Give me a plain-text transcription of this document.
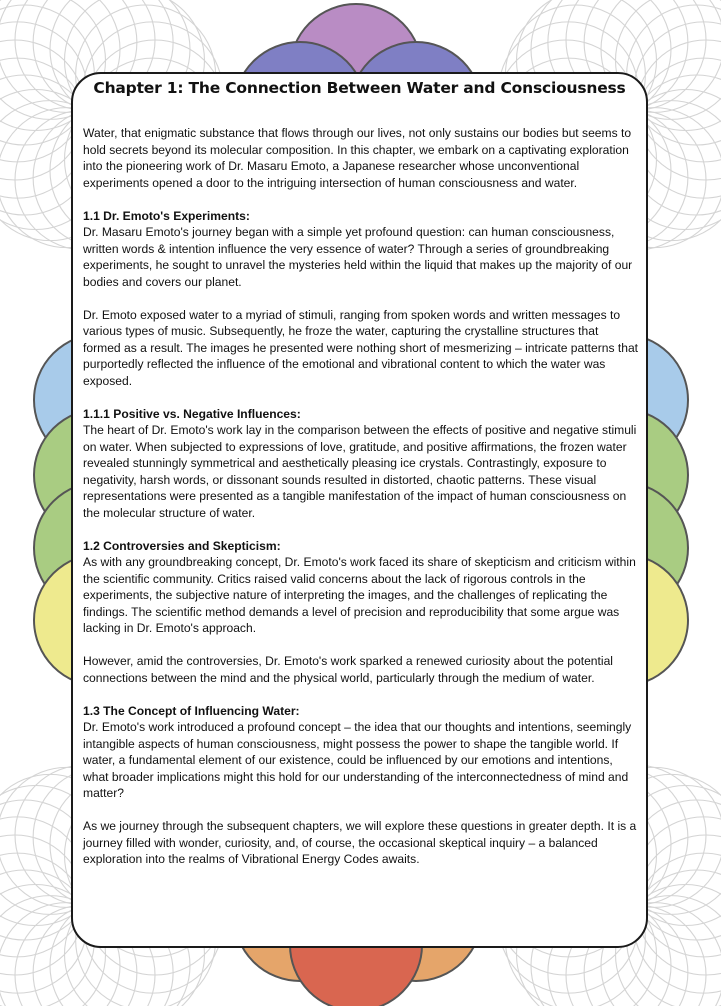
Chapter 1: The Connection Between Water and Consciousness

Water, that enigmatic substance that flows through our lives, not only sustains our bodies but seems to hold secrets beyond its molecular composition. In this chapter, we embark on a captivating exploration into the pioneering work of Dr. Masaru Emoto, a Japanese researcher whose unconventional experiments opened a door to the intriguing intersection of human consciousness and water.

1.1 Dr. Emoto's Experiments:

Dr. Masaru Emoto's journey began with a simple yet profound question: can human consciousness, written words & intention influence the very essence of water? Through a series of groundbreaking experiments, he sought to unravel the mysteries held within the liquid that makes up the majority of our bodies and covers our planet.

Dr. Emoto exposed water to a myriad of stimuli, ranging from spoken words and written messages to various types of music. Subsequently, he froze the water, capturing the crystalline structures that formed as a result. The images he presented were nothing short of mesmerizing – intricate patterns that purportedly reflected the influence of the emotional and vibrational content to which the water was exposed.

1.1.1 Positive vs. Negative Influences:

The heart of Dr. Emoto's work lay in the comparison between the effects of positive and negative stimuli on water. When subjected to expressions of love, gratitude, and positive affirmations, the frozen water revealed stunningly symmetrical and aesthetically pleasing ice crystals. Contrastingly, exposure to negativity, harsh words, or dissonant sounds resulted in distorted, chaotic patterns. These visual representations were presented as a tangible manifestation of the impact of human consciousness on the molecular structure of water.

1.2 Controversies and Skepticism:

As with any groundbreaking concept, Dr. Emoto's work faced its share of skepticism and criticism within the scientific community. Critics raised valid concerns about the lack of rigorous controls in the experiments, the subjective nature of interpreting the images, and the challenges of replicating the findings. The scientific method demands a level of precision and reproducibility that some argue was lacking in Dr. Emoto's approach.

However, amid the controversies, Dr. Emoto's work sparked a renewed curiosity about the potential connections between the mind and the physical world, particularly through the medium of water.

1.3 The Concept of Influencing Water:

Dr. Emoto's work introduced a profound concept – the idea that our thoughts and intentions, seemingly intangible aspects of human consciousness, might possess the power to shape the tangible world. If water, a fundamental element of our existence, could be influenced by our emotions and intentions, what broader implications might this hold for our understanding of the interconnectedness of mind and matter?

As we journey through the subsequent chapters, we will explore these questions in greater depth. It is a journey filled with wonder, curiosity, and, of course, the occasional skeptical inquiry – a balanced exploration into the realms of Vibrational Energy Codes awaits.
